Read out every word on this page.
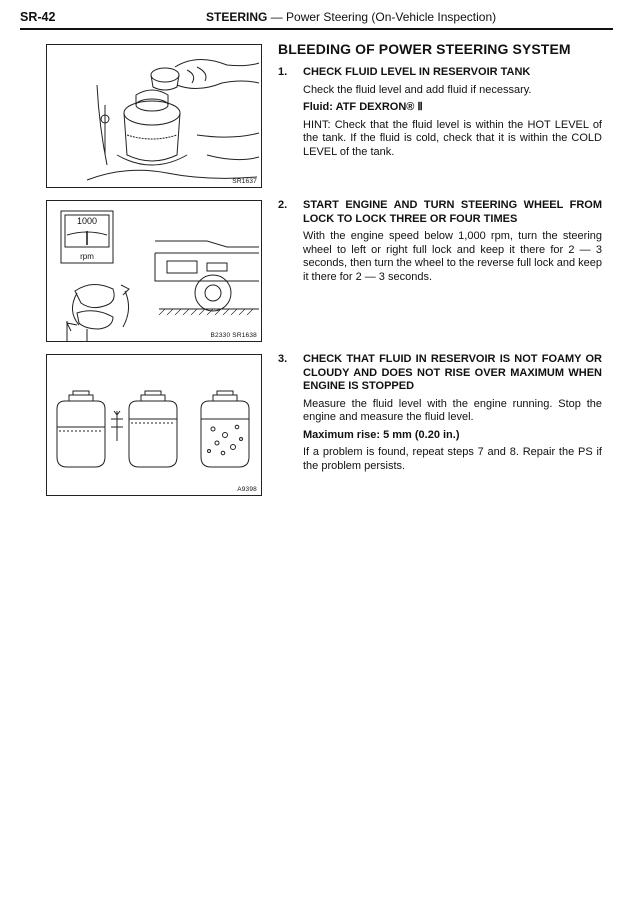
SR-42	STEERING — Power Steering (On-Vehicle Inspection)
SR1637
1000
rpm
B2330 SR1638
A9398
BLEEDING OF POWER STEERING SYSTEM
1. CHECK FLUID LEVEL IN RESERVOIR TANK
Check the fluid level and add fluid if necessary.
Fluid: ATF DEXRON® Ⅱ
HINT: Check that the fluid level is within the HOT LEVEL of the tank. If the fluid is cold, check that it is within the COLD LEVEL of the tank.
2. START ENGINE AND TURN STEERING WHEEL FROM LOCK TO LOCK THREE OR FOUR TIMES
With the engine speed below 1,000 rpm, turn the steering wheel to left or right full lock and keep it there for 2 — 3 seconds, then turn the wheel to the reverse full lock and keep it there for 2 — 3 seconds.
3. CHECK THAT FLUID IN RESERVOIR IS NOT FOAMY OR CLOUDY AND DOES NOT RISE OVER MAXIMUM WHEN ENGINE IS STOPPED
Measure the fluid level with the engine running. Stop the engine and measure the fluid level.
Maximum rise: 5 mm (0.20 in.)
If a problem is found, repeat steps 7 and 8. Repair the PS if the problem persists.
